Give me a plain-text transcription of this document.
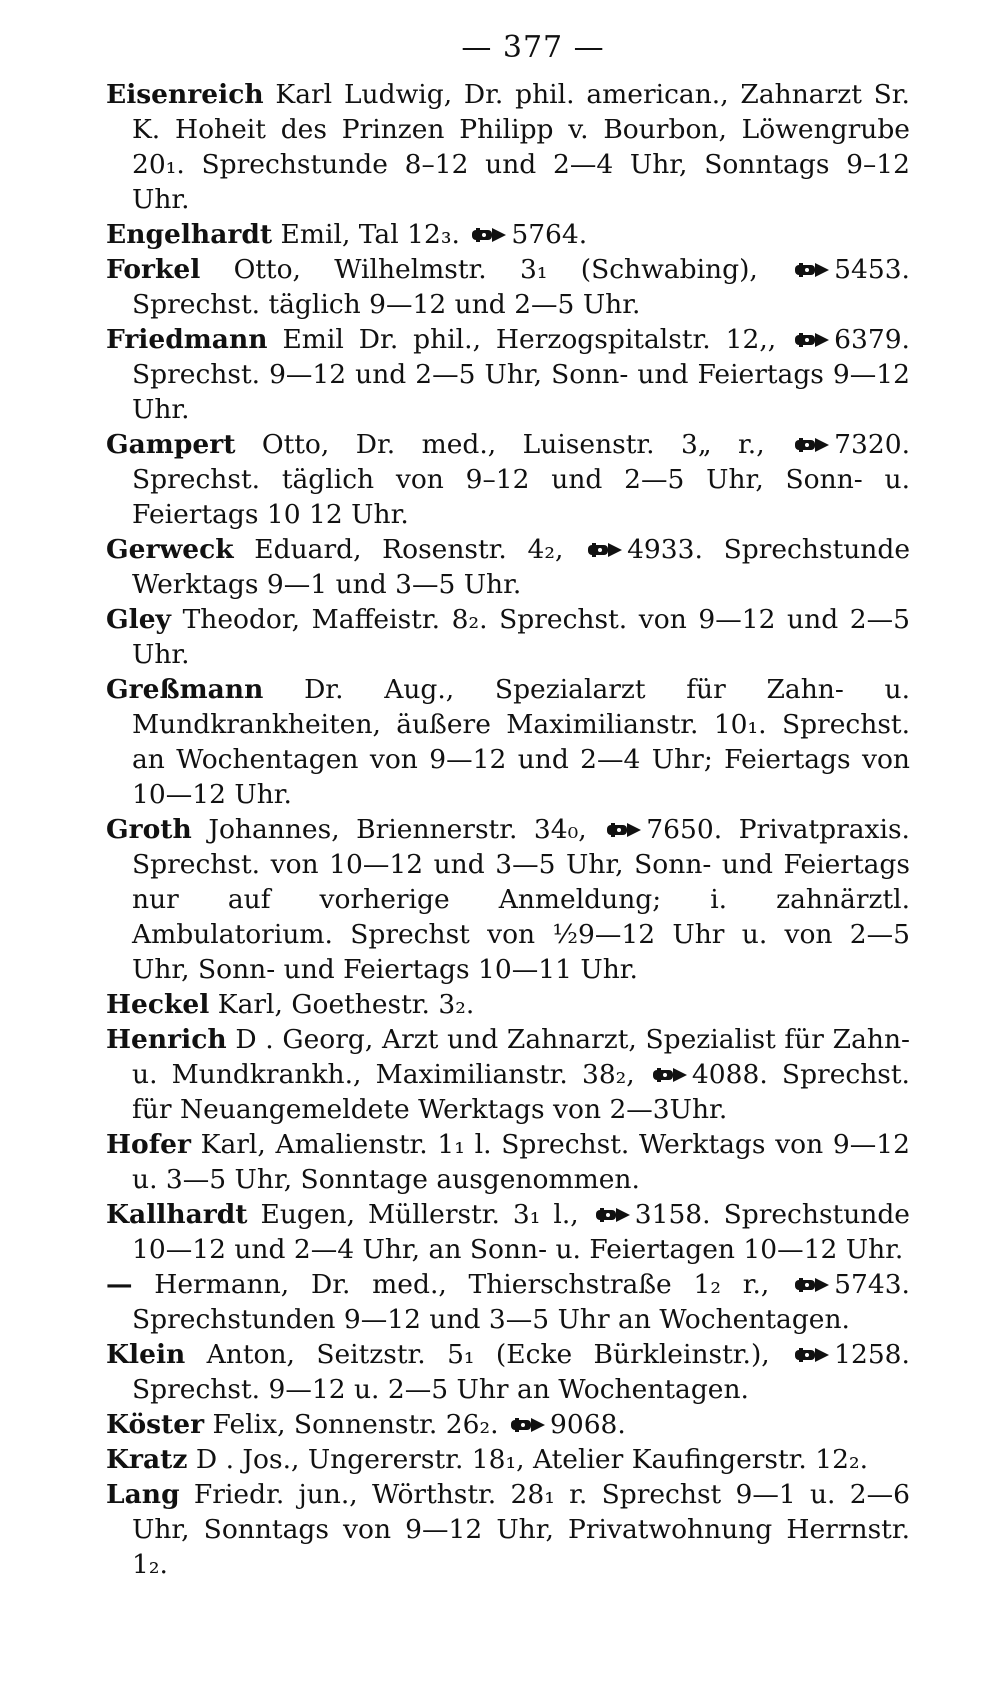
— 377 —

Eisenreich Karl Ludwig, Dr. phil. american., Zahnarzt Sr. K. Hoheit des Prinzen Philipp v. Bourbon, Löwengrube 20₁. Sprechstunde 8–12 und 2—4 Uhr, Sonntags 9–12 Uhr.

Engelhardt Emil, Tal 12₃. 5764.

Forkel Otto, Wilhelmstr. 3₁ (Schwabing),	5453. Sprechst. täglich 9—12 und 2—5 Uhr.

Friedmann Emil Dr. phil., Herzogspitalstr. 12,, 6379. Sprechst. 9—12 und 2—5 Uhr, Sonn- und Feiertags 9—12 Uhr.

Gampert Otto, Dr. med., Luisenstr. 3„ r.,	7320. Sprechst. täglich von 9–12 und 2—5 Uhr, Sonn- u. Feiertags 10 12 Uhr.

Gerweck Eduard, Rosenstr. 4₂, 4933. Sprechstunde Werktags 9—1 und 3—5 Uhr.

Gley Theodor, Maffeistr. 8₂. Sprechst. von 9—12 und 2—5 Uhr.

Greßmann Dr. Aug., Spezialarzt für Zahn- u. Mundkrankheiten, äußere Maximilianstr. 10₁. Sprechst. an Wochentagen von 9—12 und 2—4 Uhr; Feiertags von 10—12 Uhr.

Groth Johannes, Briennerstr. 34₀, 7650. Privatpraxis. Sprechst. von 10—12 und 3—5 Uhr, Sonn- und Feiertags nur auf vorherige Anmeldung; i. zahnärztl. Ambulatorium. Sprechst von ½9—12 Uhr u. von 2—5 Uhr, Sonn- und Feiertags 10—11 Uhr.

Heckel Karl, Goethestr. 3₂.

Henrich D . Georg, Arzt und Zahnarzt, Spezialist für Zahn- u. Mundkrankh., Maximilianstr. 38₂, 4088. Sprechst. für Neuangemeldete Werktags von 2—3Uhr.

Hofer Karl, Amalienstr. 1₁ l. Sprechst. Werktags von 9—12 u. 3—5 Uhr, Sonntage ausgenommen.

Kallhardt Eugen, Müllerstr. 3₁ l., 3158. Sprechstunde 10—12 und 2—4 Uhr, an Sonn- u. Feiertagen 10—12 Uhr.

— Hermann, Dr. med., Thierschstraße 1₂ r., 5743. Sprechstunden 9—12 und 3—5 Uhr an Wochentagen.

Klein Anton, Seitzstr. 5₁ (Ecke Bürkleinstr.), 1258. Sprechst. 9—12 u. 2—5 Uhr an Wochentagen.

Köster Felix, Sonnenstr. 26₂. 9068.

Kratz D . Jos., Ungererstr. 18₁, Atelier Kaufingerstr. 12₂.

Lang Friedr. jun., Wörthstr. 28₁ r. Sprechst 9—1 u. 2—6 Uhr, Sonntags von 9—12 Uhr, Privatwohnung Herrnstr. 1₂.
